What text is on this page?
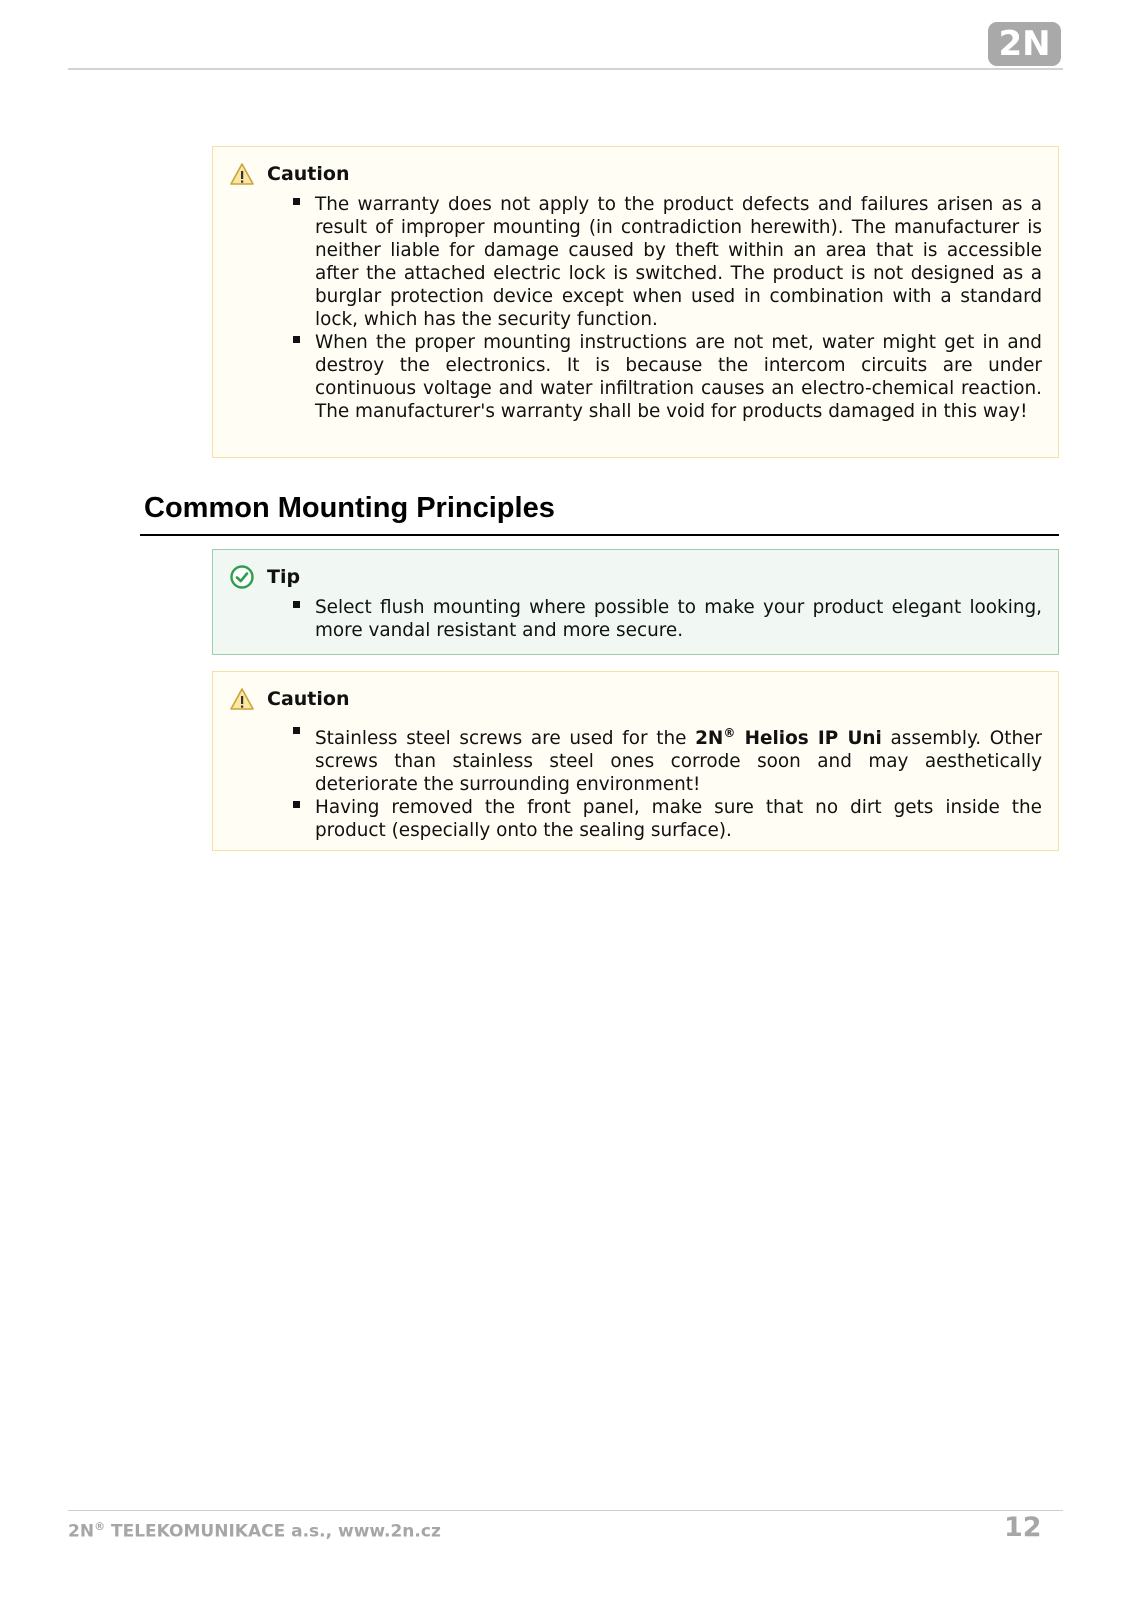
2N
Caution
The warranty does not apply to the product defects and failures arisen as a result of improper mounting (in contradiction herewith). The manufacturer is neither liable for damage caused by theft within an area that is accessible after the attached electric lock is switched. The product is not designed as a burglar protection device except when used in combination with a standard lock, which has the security function.
When the proper mounting instructions are not met, water might get in and destroy the electronics. It is because the intercom circuits are under continuous voltage and water infiltration causes an electro-chemical reaction. The manufacturer's warranty shall be void for products damaged in this way!
Common Mounting Principles
Tip
Select flush mounting where possible to make your product elegant looking, more vandal resistant and more secure.
Caution
Stainless steel screws are used for the 2N® Helios IP Uni assembly. Other screws than stainless steel ones corrode soon and may aesthetically deteriorate the surrounding environment!
Having removed the front panel, make sure that no dirt gets inside the product (especially onto the sealing surface).
2N® TELEKOMUNIKACE a.s., www.2n.cz	12
